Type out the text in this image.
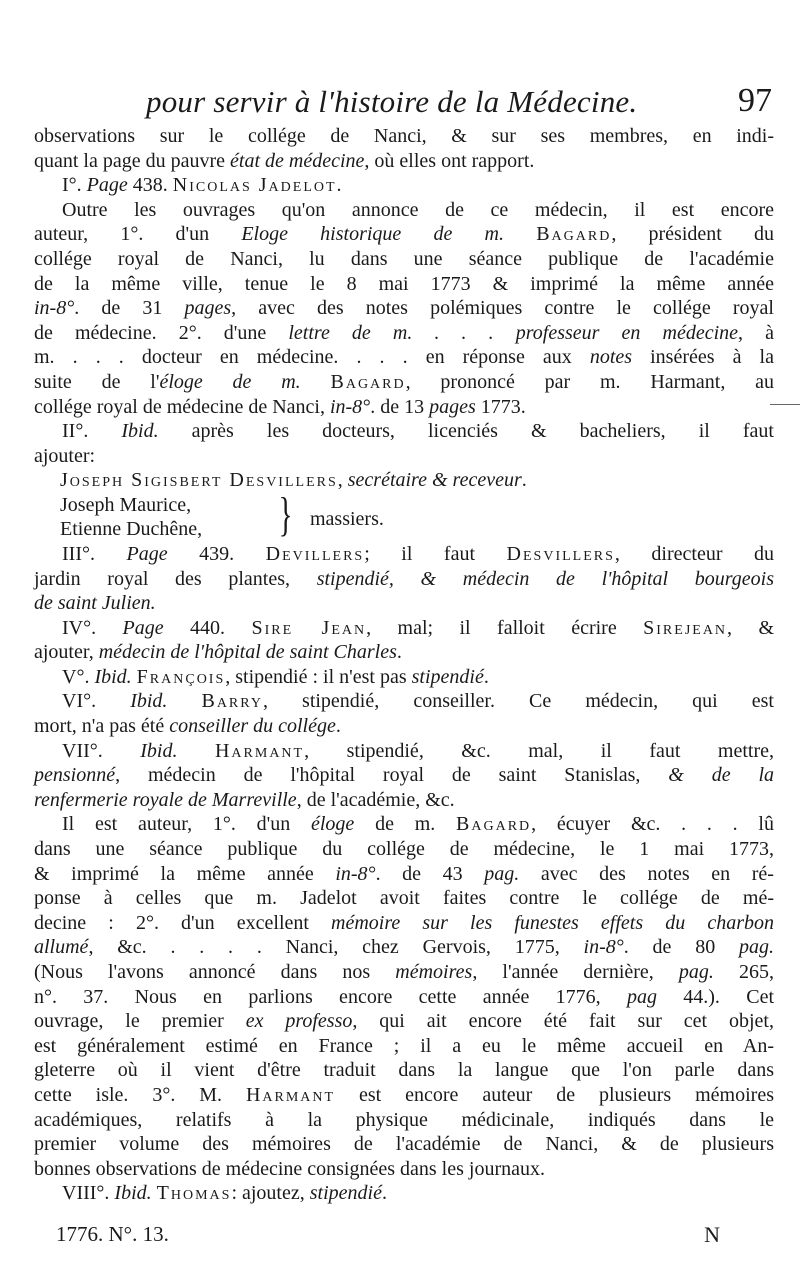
pour servir à l'histoire de la Médecine.	97
observations sur le collége de Nanci, & sur ses membres, en indi-
quant la page du pauvre état de médecine, où elles ont rapport.
I°. Page 438. Nicolas Jadelot.
Outre les ouvrages qu'on annonce de ce médecin, il est encore
auteur, 1°. d'un Eloge historique de m. Bagard, président du
collége royal de Nanci, lu dans une séance publique de l'académie
de la même ville, tenue le 8 mai 1773 & imprimé la même année
in-8°. de 31 pages, avec des notes polémiques contre le collége royal
de médecine. 2°. d'une lettre de m. . . . professeur en médecine, à
m. . . . docteur en médecine. . . . en réponse aux notes insérées à la
suite de l'éloge de m. Bagard, prononcé par m. Harmant, au
collége royal de médecine de Nanci, in-8°. de 13 pages 1773.
II°. Ibid. après les docteurs, licenciés & bacheliers, il faut
ajouter:
Joseph Sigisbert Desvillers, secrétaire & receveur.
Joseph Maurice,
Etienne Duchêne, } massiers.
III°. Page 439. Devillers; il faut Desvillers, directeur du
jardin royal des plantes, stipendié, & médecin de l'hôpital bourgeois
de saint Julien.
IV°. Page 440. Sire Jean, mal; il falloit écrire Sirejean, &
ajouter, médecin de l'hôpital de saint Charles.
V°. Ibid. François, stipendié : il n'est pas stipendié.
VI°. Ibid. Barry, stipendié, conseiller. Ce médecin, qui est
mort, n'a pas été conseiller du collége.
VII°. Ibid. Harmant, stipendié, &c. mal, il faut mettre,
pensionné, médecin de l'hôpital royal de saint Stanislas, & de la
renfermerie royale de Marreville, de l'académie, &c.
Il est auteur, 1°. d'un éloge de m. Bagard, écuyer &c. . . . lû
dans une séance publique du collége de médecine, le 1 mai 1773,
& imprimé la même année in-8°. de 43 pag. avec des notes en ré-
ponse à celles que m. Jadelot avoit faites contre le collége de mé-
decine : 2°. d'un excellent mémoire sur les funestes effets du charbon
allumé, &c. . . . . Nanci, chez Gervois, 1775, in-8°. de 80 pag.
(Nous l'avons annoncé dans nos mémoires, l'année dernière, pag. 265,
n°. 37. Nous en parlions encore cette année 1776, pag 44.). Cet
ouvrage, le premier ex professo, qui ait encore été fait sur cet objet,
est généralement estimé en France ; il a eu le même accueil en An-
gleterre où il vient d'être traduit dans la langue que l'on parle dans
cette isle. 3°. M. Harmant est encore auteur de plusieurs mémoires
académiques, relatifs à la physique médicinale, indiqués dans le
premier volume des mémoires de l'académie de Nanci, & de plusieurs
bonnes observations de médecine consignées dans les journaux.
VIII°. Ibid. Thomas: ajoutez, stipendié.
1776. N°. 13.	N
